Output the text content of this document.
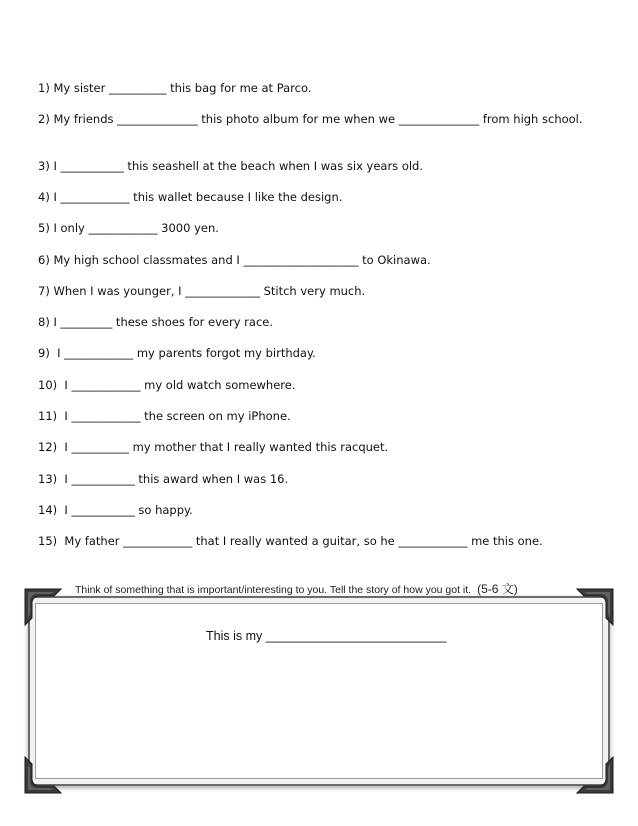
1) My sister __________ this bag for me at Parco.
2) My friends ______________ this photo album for me when we ______________ from high school.
3) I ___________ this seashell at the beach when I was six years old.
4) I ____________ this wallet because I like the design.
5) I only ____________ 3000 yen.
6) My high school classmates and I ____________________ to Okinawa.
7) When I was younger, I _____________ Stitch very much.
8) I _________ these shoes for every race.
9)  I ____________ my parents forgot my birthday.
10)  I ____________ my old watch somewhere.
11)  I ____________ the screen on my iPhone.
12)  I __________ my mother that I really wanted this racquet.
13)  I ___________ this award when I was 16.
14)  I ___________ so happy.
15)  My father ____________ that I really wanted a guitar, so he ____________ me this one.
Think of something that is important/interesting to you. Tell the story of how you got it. (5-6 文)
This is my __________________________
